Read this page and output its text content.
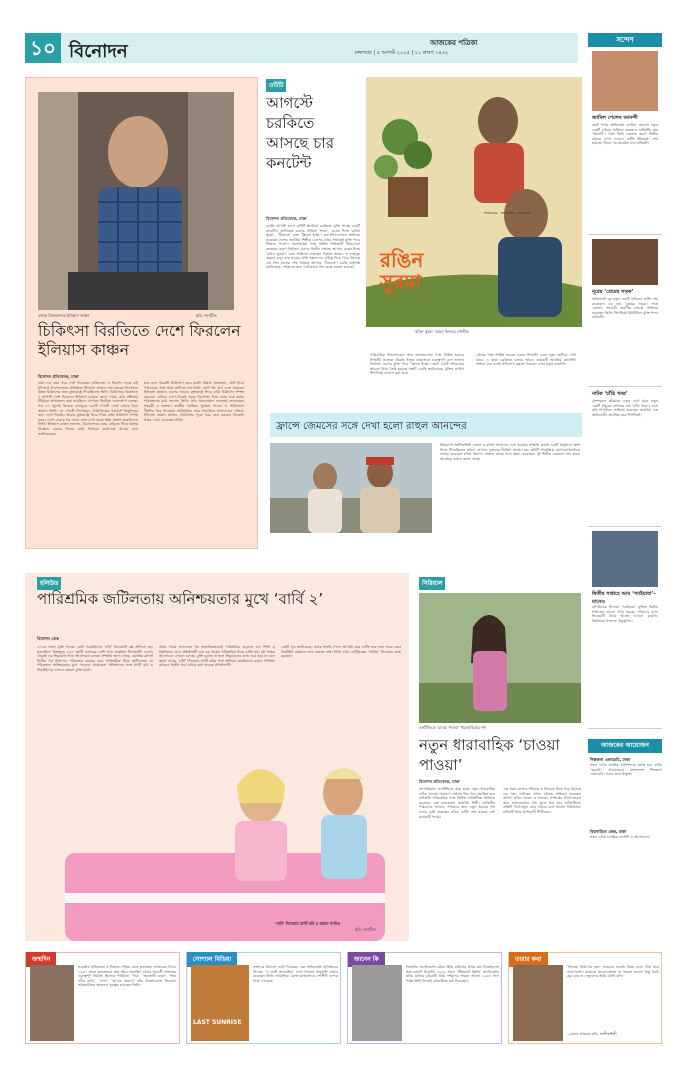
১০ বিনোদন	আজকের পত্রিকা
মঙ্গলবার | ৫ আগস্ট ২০২৫ | ২১ শ্রাবণ ১৪৩২
চাকায় বিমানবন্দরে ইলিয়াস কাঞ্চন	ছবি: সংগৃহীত
চিকিৎসা বিরতিতে দেশে ফিরলেন ইলিয়াস কাঞ্চন
বিনোদন প্রতিবেদক, ঢাকা
প্রায় দেড় বছর পরে দেশে ফিরেছেন অভিনেতা ও নিরাপদ সড়ক চাই (নিসচা) আন্দোলনের প্রতিষ্ঠাতা ইলিয়াস কাঞ্চন। গত বছরের ডিসেম্বরে উন্নত চিকিৎসার জন্য যুক্তরাষ্ট্রে গিয়েছিলেন তিনি। চিকিৎসার বিরতিতে ৫ আগস্ট দেশে ফিরলেন ইলিয়াস কাঞ্চন। জানা গেছে, তাঁর মস্তিষ্কের টিউমার অপারেশন করা হয়েছিল। সেখানে নিয়মিত ফলোআপ চলছে। গত ২০ জুলাই নিজের ফেসবুকে একটি পোস্টে দেশে ফেরার খবর জানান তিনি। সে পোস্টে লিখেছেন, চিকিৎসকের পরামর্শে কিছুদিনের জন্য দেশে ফিরছি। আবার যুক্তরাষ্ট্রে ফিরে গিয়ে বাকি চিকিৎসা সম্পন্ন করব। দেশে ফেরার পর সবার সঙ্গে দেখা করার ইচ্ছা প্রকাশ করেছিলেন তিনি। ইলিয়াস কাঞ্চন জানান, বিমানবন্দরে নেমে বাড়িতে গিয়ে বিশ্রাম নিচ্ছেন। কয়েক দিনের মধ্যে নিসচার কার্যালয়ে যাবেন বলে জানিয়েছেন।
হবে বলে পরবর্তী চিকিৎসা। তবে যতটা বিশ্রাম প্রয়োজন, সেটা নিয়ে পরিবারের সঙ্গে সময় কাটাতে চান তিনি। মোট পাঁচ মাস দেশে থাকবেন ইলিয়াস কাঞ্চন। এরপর আবার যুক্তরাষ্ট্রে ফিরে বাকি চিকিৎসা সম্পন্ন করবেন। এদিকে দেশে ফিরেই সড়ক নিরাপত্তা নিয়ে কাজ শুরু করার পরিকল্পনার কথা জানান তিনি। তাঁর প্রত্যাবর্তনে শুভেচ্ছা জানাচ্ছেন সহকর্মী ও ভক্তরা। জাতীয় চলচ্চিত্র পুরস্কার পাওয়া এ অভিনেতা দীর্ঘদিন ধরে সিনেমায় অনিয়মিত। তবে সামাজিক আন্দোলনে সক্রিয়। ইলিয়াস কাঞ্চন জানান, চিকিৎসার পুরো খরচ বহন করছেন নিজেই। সবার দোয়া চেয়েছেন তিনি।
ওটিটি
আগস্টে চরকিতে আসছে চার কনটেন্ট
বিনোদন প্রতিবেদক, ঢাকা
চলতি আগস্ট মাসে ওটিটি প্ল্যাটফর্ম চরকিতে মুক্তি পাচ্ছে চারটি কনটেন্ট। তালিকায় রয়েছে সিরিজ ‘শ্যামা’, ওয়েব ফিল্ম ‘রঙিন সুরমা’, ‘নীলচক্র’ এবং ‘ফ্রিজে ইচ্ছে’। কনটেন্টগুলোতে অভিনয় করেছেন দেশের জনপ্রিয় শিল্পীরা। মাসের প্রথম সপ্তাহেই মুক্তি পাবে সিরিজ ‘শ্যামা’। সমসাময়িক গল্পে নির্মিত সিরিজটি পরিচালনা করেছেন তরুণ নির্মাতা। এরপর দ্বিতীয় সপ্তাহে আসবে ওয়েব ফিল্ম ‘রঙিন সুরমা’। এতে অভিনয় করেছেন দিলারা জামান ও ফজলুর রহমান বাবু। বাবা-মায়ের প্রতি সন্তানদের দায়িত্ব নিয়ে গড়ে উঠেছে এর গল্প। মাসের শেষ সপ্তাহে আসছে ‘নীলচক্র’। চরকি কর্তৃপক্ষ জানিয়েছে, দর্শকদের জন্য বৈচিত্র্যময় গল্প বেছে নেওয়া হয়েছে।
পারিবারিক টানাপোড়েন আর ভালোবাসার গল্পে নির্মিত হয়েছে ফিল্মটি। প্রত্যেক চরিত্রই গল্পের প্রয়োজনে গুরুত্বপূর্ণ বলে জানান নির্মাতা। এরপর মুক্তি পাবে ‘ফ্রিজে ইচ্ছে’। ছোট একটি পরিবারের আবেগ নিয়ে তৈরি হয়েছে গল্পটি। চরকি জানিয়েছে, মুক্তির তারিখ শিগগিরই ঘোষণা করা হবে।
প্রেমের গল্পে নির্মিত হয়েছে ওয়েব ফিল্মটি। এতে নতুন জুটিকে দেখা যাবে। এ ছাড়া চরকিতে চলছে আরও কয়েকটি জনপ্রিয় কনটেন্ট। ভক্তরা ঘরে বসেই উপভোগ করতে পারবেন এসব নতুন কনটেন্ট।
রঙিন সুরমা
FESTIVAL · FEATURE · WEBFILM
‘রঙিন সুরমা’ ওয়েব ফিল্মের পোস্টার
ফ্রান্সে জেমসের সঙ্গে দেখা হলো রাহুল আনন্দের
ইউরোপে সংগীতশিল্পী জেমস ও রাহুল আনন্দের দেখা হয়েছে। সম্প্রতি ফ্রান্সে একটি অনুষ্ঠানে অংশ নিতে গিয়েছিলেন তাঁরা। সেখানে দুজনের দীর্ঘক্ষণ আড্ডা হয়। ছবিটি সামাজিক যোগাযোগমাধ্যমে শেয়ার করেছেন রাহুল আনন্দ। ভক্তরা তাতে নানা মন্তব্য করেছেন। দুই শিল্পীর একসঙ্গে গান করার আগ্রহের কথাও জানা গেছে।
হলিউড
পারিশ্রমিক জটিলতায় অনিশ্চয়তার মুখে ‘বার্বি ২’
বিনোদন ডেস্ক
২০২৩ সালে মুক্তি পাওয়া গ্রেটা গারউইগের ‘বার্বি’ সিনেমাটি বক্স অফিসে ঝড় তুলেছিল। বিশ্বজুড়ে ১৪০ কোটি ডলারের বেশি আয় করেছিল সিনেমাটি। এরপর থেকেই এর সিকুয়েল নিয়ে আলোচনা চলছে। সম্প্রতি জানা গেছে, ওয়ার্নার ব্রাদার্স দ্বিতীয় পর্ব নির্মাণের পরিকল্পনা করছে। তবে পারিশ্রমিক নিয়ে জটিলতায় সে পরিকল্পনা অনিশ্চয়তার মুখে পড়েছে। প্রযোজনা প্রতিষ্ঠানের সঙ্গে মার্গট রবি ও গারউইগের এখনো কোনো চুক্তি হয়নি।
প্রথম পর্বের সাফল্যের পর স্বাভাবিকভাবেই পারিশ্রমিক বাড়াতে চান শিল্পী ও নির্মাতারা। তবে প্রতিষ্ঠানটি এত বড় অঙ্কের পারিশ্রমিক দিতে রাজি নয়। দুই পক্ষের আলোচনা এখনো চলছে। চুক্তি চূড়ান্ত না হলে সিকুয়েলের কাজ শুরু হবে না বলে জানা গেছে। ‘বার্বি’ সিনেমায় মার্গট রবির সঙ্গে অভিনয় করেছিলেন রায়ান গসলিং। তাঁকেও দ্বিতীয় পর্বে রাখার কথা ভাবছে প্রতিষ্ঠানটি।
একটি সূত্র জানিয়েছে, সবার সম্মতি পেলে আগামী বছর শুটিং শুরু হতে পারে। তবে গারউইগ বর্তমানে অন্য প্রকল্পে ব্যস্ত। তিনি এখন নেটফ্লিক্সের ‘নার্নিয়া’ সিনেমার কাজ করছেন।
‘বার্বি’ সিনেমায় মার্গট রবি ও রায়ান গসলিং
ছবি: সংগৃহীত
সিরিয়াল
এনটিভিতে ‘চাওয়া পাওয়া’ ধারাবাহিকের দৃশ্য
নতুন ধারাবাহিক ‘চাওয়া পাওয়া’
বিনোদন প্রতিবেদক, ঢাকা
আগামীকাল এনটিভিতে শুরু হচ্ছে নতুন ধারাবাহিক নাটক ‘চাওয়া পাওয়া’। সপ্তাহে তিন দিন প্রচারিত হবে নাটকটি। পারিবারিক গল্পে নির্মিত নাটকটিতে অভিনয় করেছেন বেশ কয়েকজন জনপ্রিয় শিল্পী। নাটকটির পরিচালক জানান, দর্শকদের জন্য নতুন ধরনের গল্প বলার চেষ্টা করেছেন তাঁরা। শুটিং শেষ হয়েছে বেশ কয়েকটি পর্বের।
এক সময় বাংলার পরিবার ও বিয়েকে ঘিরে গড়ে উঠেছে এর গল্প। নাটকের প্রধান চরিত্রে অভিনয় করেছেন আশনা হাবিব ভাবনা ও অন্যরা। সম্পর্কের টানাপোড়েন আর ভালোবাসার গল্প তুলে ধরা হবে নাটকটিতে। প্রতিটি পর্বে নতুন মোড় থাকবে বলে জানান নির্মাতারা। নাটকটি নিয়ে আশাবাদী শিল্পীরাও।
সন্দেশ
জামিল পেলেন আনন্দী
ছোট পর্দার অভিনেতা জামিল হোসেন নতুন একটি চরিত্রে অভিনয় করছেন। নাটকটির নাম ‘আনন্দী’। গল্পে তিনি একজন তরুণ শিল্পীর চরিত্রে দেখা দেবেন। শুটিং ইতিমধ্যে শেষ হয়েছে। ঈদের পর প্রচারিত হবে নাটকটি।
নূরের ‘প্রেমের সড়ক’
অভিনেত্রী নূর নতুন একটি নাটকের শুটিং শেষ করেছেন। এর নাম ‘প্রেমের সড়ক’। গল্পে একজন সংগ্রামী তরুণীর চরিত্রে অভিনয় করেছেন তিনি। শিগগিরই ইউটিউবে মুক্তি পাবে নাটকটি।
নাটক ‘চাঁদ্রি খবর’
মোশাররফ করিমকে এবার দেখা যাবে নতুন একটি চরিত্রে। নাটকের নাম ‘চাঁদ্রি খবর’। এতে তাঁর বিপরীতে অভিনয় করেছেন জনপ্রিয় এক অভিনেত্রী। প্রচারিত হবে শিগগিরই।
দ্বিতীয় সপ্তাহে আয় ‘স্যাইয়ারা’–মানেও
বলিউডের সিনেমা ‘স্যাইয়ারা’ মুক্তির দ্বিতীয় সপ্তাহেও ভালো আয় করছে। দর্শকদের মধ্যে সিনেমাটি নিয়ে আগ্রহ এখনো কমেনি। নির্মাতারা সাফল্যে উচ্ছ্বসিত।
আজকের আয়োজন
শিল্পকলা একাডেমি, ঢাকা
সন্ধ্যা ৭টায় জাতীয় নাট্যশালায় মঞ্চস্থ হবে নাটক ‘জুলাই’। আয়োজনে বাংলাদেশ শিল্পকলা একাডেমি। সবার জন্য উন্মুক্ত।
বিশ্বসাহিত্য কেন্দ্র, ঢাকা
সন্ধ্যা ৬টায় চলচ্চিত্র প্রদর্শনী ও আলোচনা।
জন্মদিন
ভারতীয় অভিনেতা ও নির্মাতা গৌতম ঘোষ জন্মেছেন আজকের দিনে। ১৯৫০ সালে কলকাতায় জন্ম তাঁর। সত্যজিৎ রায়ের পরবর্তী প্রজন্মের গুরুত্বপূর্ণ নির্মাতা হিসেবে পরিচিত। ‘পার’, ‘অন্তর্জলী যাত্রা’, ‘পদ্মা নদীর মাঝি’, ‘দেখা’, ‘আবার অরণ্যে’ তাঁর উল্লেখযোগ্য সিনেমা। আন্তর্জাতিক অঙ্গনেও পুরস্কৃত হয়েছেন তিনি।
সোশ্যাল মিডিয়া
LAST SUNRISE
ভক্তদের উদ্দেশে বার্তা দিয়েছেন এক অভিনেত্রী। হলিউডের সিনেমা ‘দ্য লাস্ট সানরাইজ’ দেখে নিজের অনুভূতি শেয়ার করেছেন তিনি। সামাজিক যোগাযোগমাধ্যমে পোস্টটি ব্যাপক সাড়া পেয়েছে।
জানেন কি
ডিজনির অ্যানিমেশন চরিত্র মিকি মাউসের প্রথম কণ্ঠ দিয়েছিলেন স্বয়ং ওয়াল্ট ডিজনি। ১৯২৮ সালে ‘স্টিমবোট উইলি’ অ্যানিমেশন ছবির মাধ্যমে চরিত্রটি প্রথম দর্শকদের সামনে আসে। ১৯৪৭ সাল পর্যন্ত তিনি নিজেই চরিত্রটিতে কণ্ঠ দিয়েছেন।
তারার কথা
‘সিনেমা নির্মাণের জন্য সবচেয়ে জরুরি বিষয় হলো ধৈর্য আর ভালোবাসা। কাজকে ভালোবাসতে না পারলে ভালো কিছু তৈরি করা যায় না। নতুনদের আমি এটাই বলি।’
—চঞ্চল আহমেদ কবি, সংগীতশিল্পী
